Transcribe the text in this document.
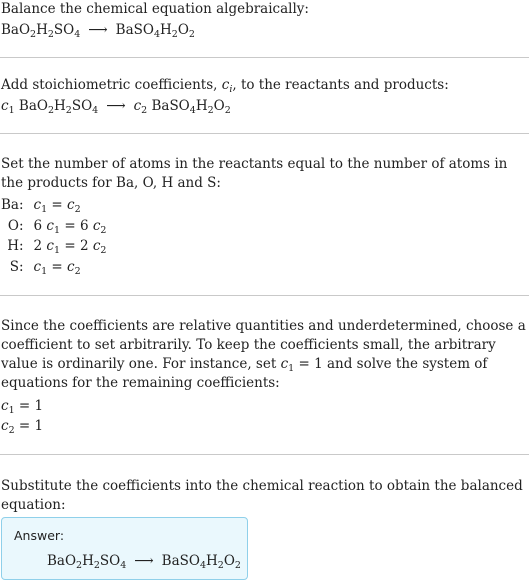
Balance the chemical equation algebraically:
$BaO_2H_2SO_4$ ⟶ $BaSO_4H_2O_2$
Add stoichiometric coefficients, $c_i$, to the reactants and products:
$c_1$ $BaO_2H_2SO_4$ ⟶ $c_2$ $BaSO_4H_2O_2$
Set the number of atoms in the reactants equal to the number of atoms in the products for Ba, O, H and S:
Ba:	$c_1 = c_2$
O:	6 $c_1 = 6$ $c_2$
H:	2 $c_1 = 2$ $c_2$
S:	$c_1 = c_2$
Since the coefficients are relative quantities and underdetermined, choose a coefficient to set arbitrarily. To keep the coefficients small, the arbitrary value is ordinarily one. For instance, set $c_1 = 1$ and solve the system of equations for the remaining coefficients:
$c_1 = 1$
$c_2 = 1$
Substitute the coefficients into the chemical reaction to obtain the balanced equation:
Answer:
$BaO_2H_2SO_4$ ⟶ $BaSO_4H_2O_2$
